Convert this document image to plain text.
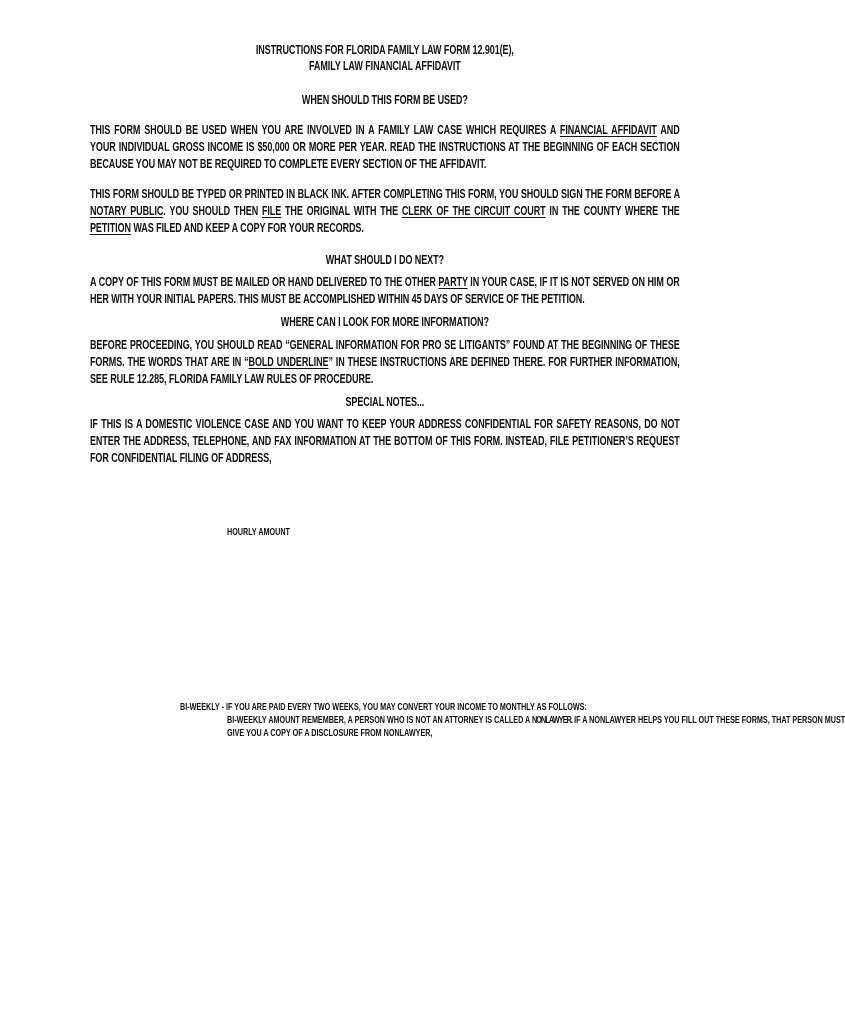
INSTRUCTIONS FOR FLORIDA FAMILY LAW FORM 12.901(E),
FAMILY LAW FINANCIAL AFFIDAVIT
WHEN SHOULD THIS FORM BE USED?
THIS FORM SHOULD BE USED WHEN YOU ARE INVOLVED IN A FAMILY LAW CASE WHICH REQUIRES A FINANCIAL AFFIDAVIT AND YOUR INDIVIDUAL GROSS INCOME IS $50,000 OR MORE PER YEAR. READ THE INSTRUCTIONS AT THE BEGINNING OF EACH SECTION BECAUSE YOU MAY NOT BE REQUIRED TO COMPLETE EVERY SECTION OF THE AFFIDAVIT.
THIS FORM SHOULD BE TYPED OR PRINTED IN BLACK INK. AFTER COMPLETING THIS FORM, YOU SHOULD SIGN THE FORM BEFORE A NOTARY PUBLIC. YOU SHOULD THEN FILE THE ORIGINAL WITH THE CLERK OF THE CIRCUIT COURT IN THE COUNTY WHERE THE PETITION WAS FILED AND KEEP A COPY FOR YOUR RECORDS.
WHAT SHOULD I DO NEXT?
A COPY OF THIS FORM MUST BE MAILED OR HAND DELIVERED TO THE OTHER PARTY IN YOUR CASE, IF IT IS NOT SERVED ON HIM OR HER WITH YOUR INITIAL PAPERS. THIS MUST BE ACCOMPLISHED WITHIN 45 DAYS OF SERVICE OF THE PETITION.
WHERE CAN I LOOK FOR MORE INFORMATION?
BEFORE PROCEEDING, YOU SHOULD READ “GENERAL INFORMATION FOR PRO SE LITIGANTS” FOUND AT THE BEGINNING OF THESE FORMS. THE WORDS THAT ARE IN “BOLD UNDERLINE” IN THESE INSTRUCTIONS ARE DEFINED THERE. FOR FURTHER INFORMATION, SEE RULE 12.285, FLORIDA FAMILY LAW RULES OF PROCEDURE.
SPECIAL NOTES...
IF THIS IS A DOMESTIC VIOLENCE CASE AND YOU WANT TO KEEP YOUR ADDRESS CONFIDENTIAL FOR SAFETY REASONS, DO NOT ENTER THE ADDRESS, TELEPHONE, AND FAX INFORMATION AT THE BOTTOM OF THIS FORM. INSTEAD, FILE PETITIONER’S REQUEST FOR CONFIDENTIAL FILING OF ADDRESS,
HOURLY AMOUNT
BI-WEEKLY - IF YOU ARE PAID EVERY TWO WEEKS, YOU MAY CONVERT YOUR INCOME TO MONTHLY AS FOLLOWS:
BI-WEEKLY AMOUNT REMEMBER, A PERSON WHO IS NOT AN ATTORNEY IS CALLED A NONLAWYER. IF A NONLAWYER HELPS YOU FILL OUT THESE FORMS, THAT PERSON MUST
GIVE YOU A COPY OF A DISCLOSURE FROM NONLAWYER,
